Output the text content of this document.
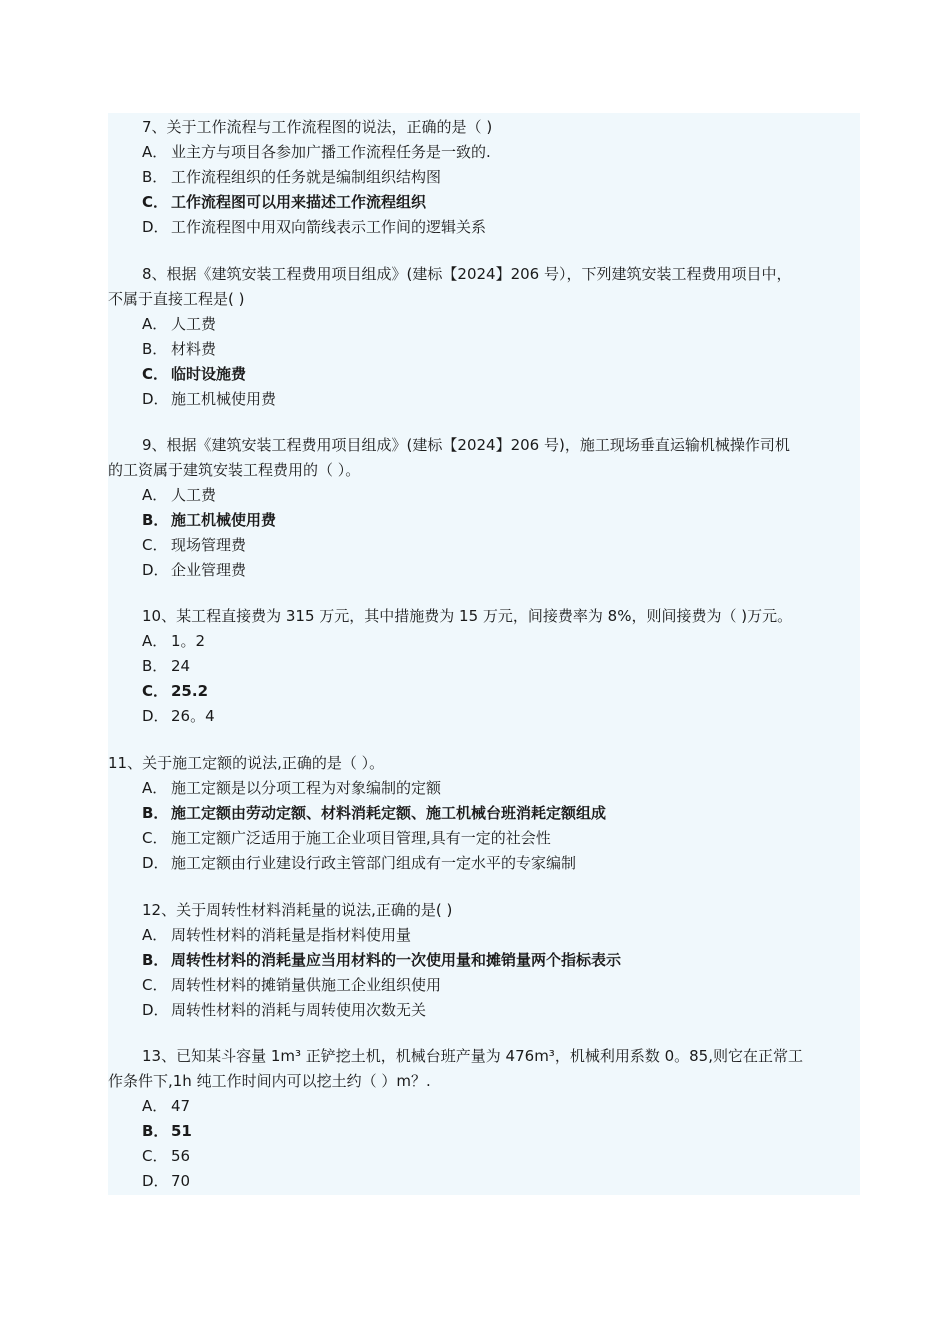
7、关于工作流程与工作流程图的说法，正确的是（ )
A． 业主方与项目各参加广播工作流程任务是一致的.
B． 工作流程组织的任务就是编制组织结构图
C． 工作流程图可以用来描述工作流程组织
D． 工作流程图中用双向箭线表示工作间的逻辑关系
8、根据《建筑安装工程费用项目组成》(建标【2024】206 号），下列建筑安装工程费用项目中，
不属于直接工程是( )
A． 人工费
B． 材料费
C． 临时设施费
D． 施工机械使用费
9、根据《建筑安装工程费用项目组成》(建标【2024】206 号)，施工现场垂直运输机械操作司机
的工资属于建筑安装工程费用的（ ）。
A． 人工费
B． 施工机械使用费
C． 现场管理费
D． 企业管理费
10、某工程直接费为 315 万元，其中措施费为 15 万元，间接费率为 8%，则间接费为（ )万元。
A． 1。2
B． 24
C． 25.2
D． 26。4
11、关于施工定额的说法,正确的是（ ）。
A． 施工定额是以分项工程为对象编制的定额
B． 施工定额由劳动定额、材料消耗定额、施工机械台班消耗定额组成
C． 施工定额广泛适用于施工企业项目管理,具有一定的社会性
D． 施工定额由行业建设行政主管部门组成有一定水平的专家编制
12、关于周转性材料消耗量的说法,正确的是( )
A． 周转性材料的消耗量是指材料使用量
B． 周转性材料的消耗量应当用材料的一次使用量和摊销量两个指标表示
C． 周转性材料的摊销量供施工企业组织使用
D． 周转性材料的消耗与周转使用次数无关
13、已知某斗容量 1m³ 正铲挖土机，机械台班产量为 476m³，机械利用系数 0。85,则它在正常工
作条件下,1h 纯工作时间内可以挖土约（ ）m？.
A． 47
B． 51
C． 56
D． 70
